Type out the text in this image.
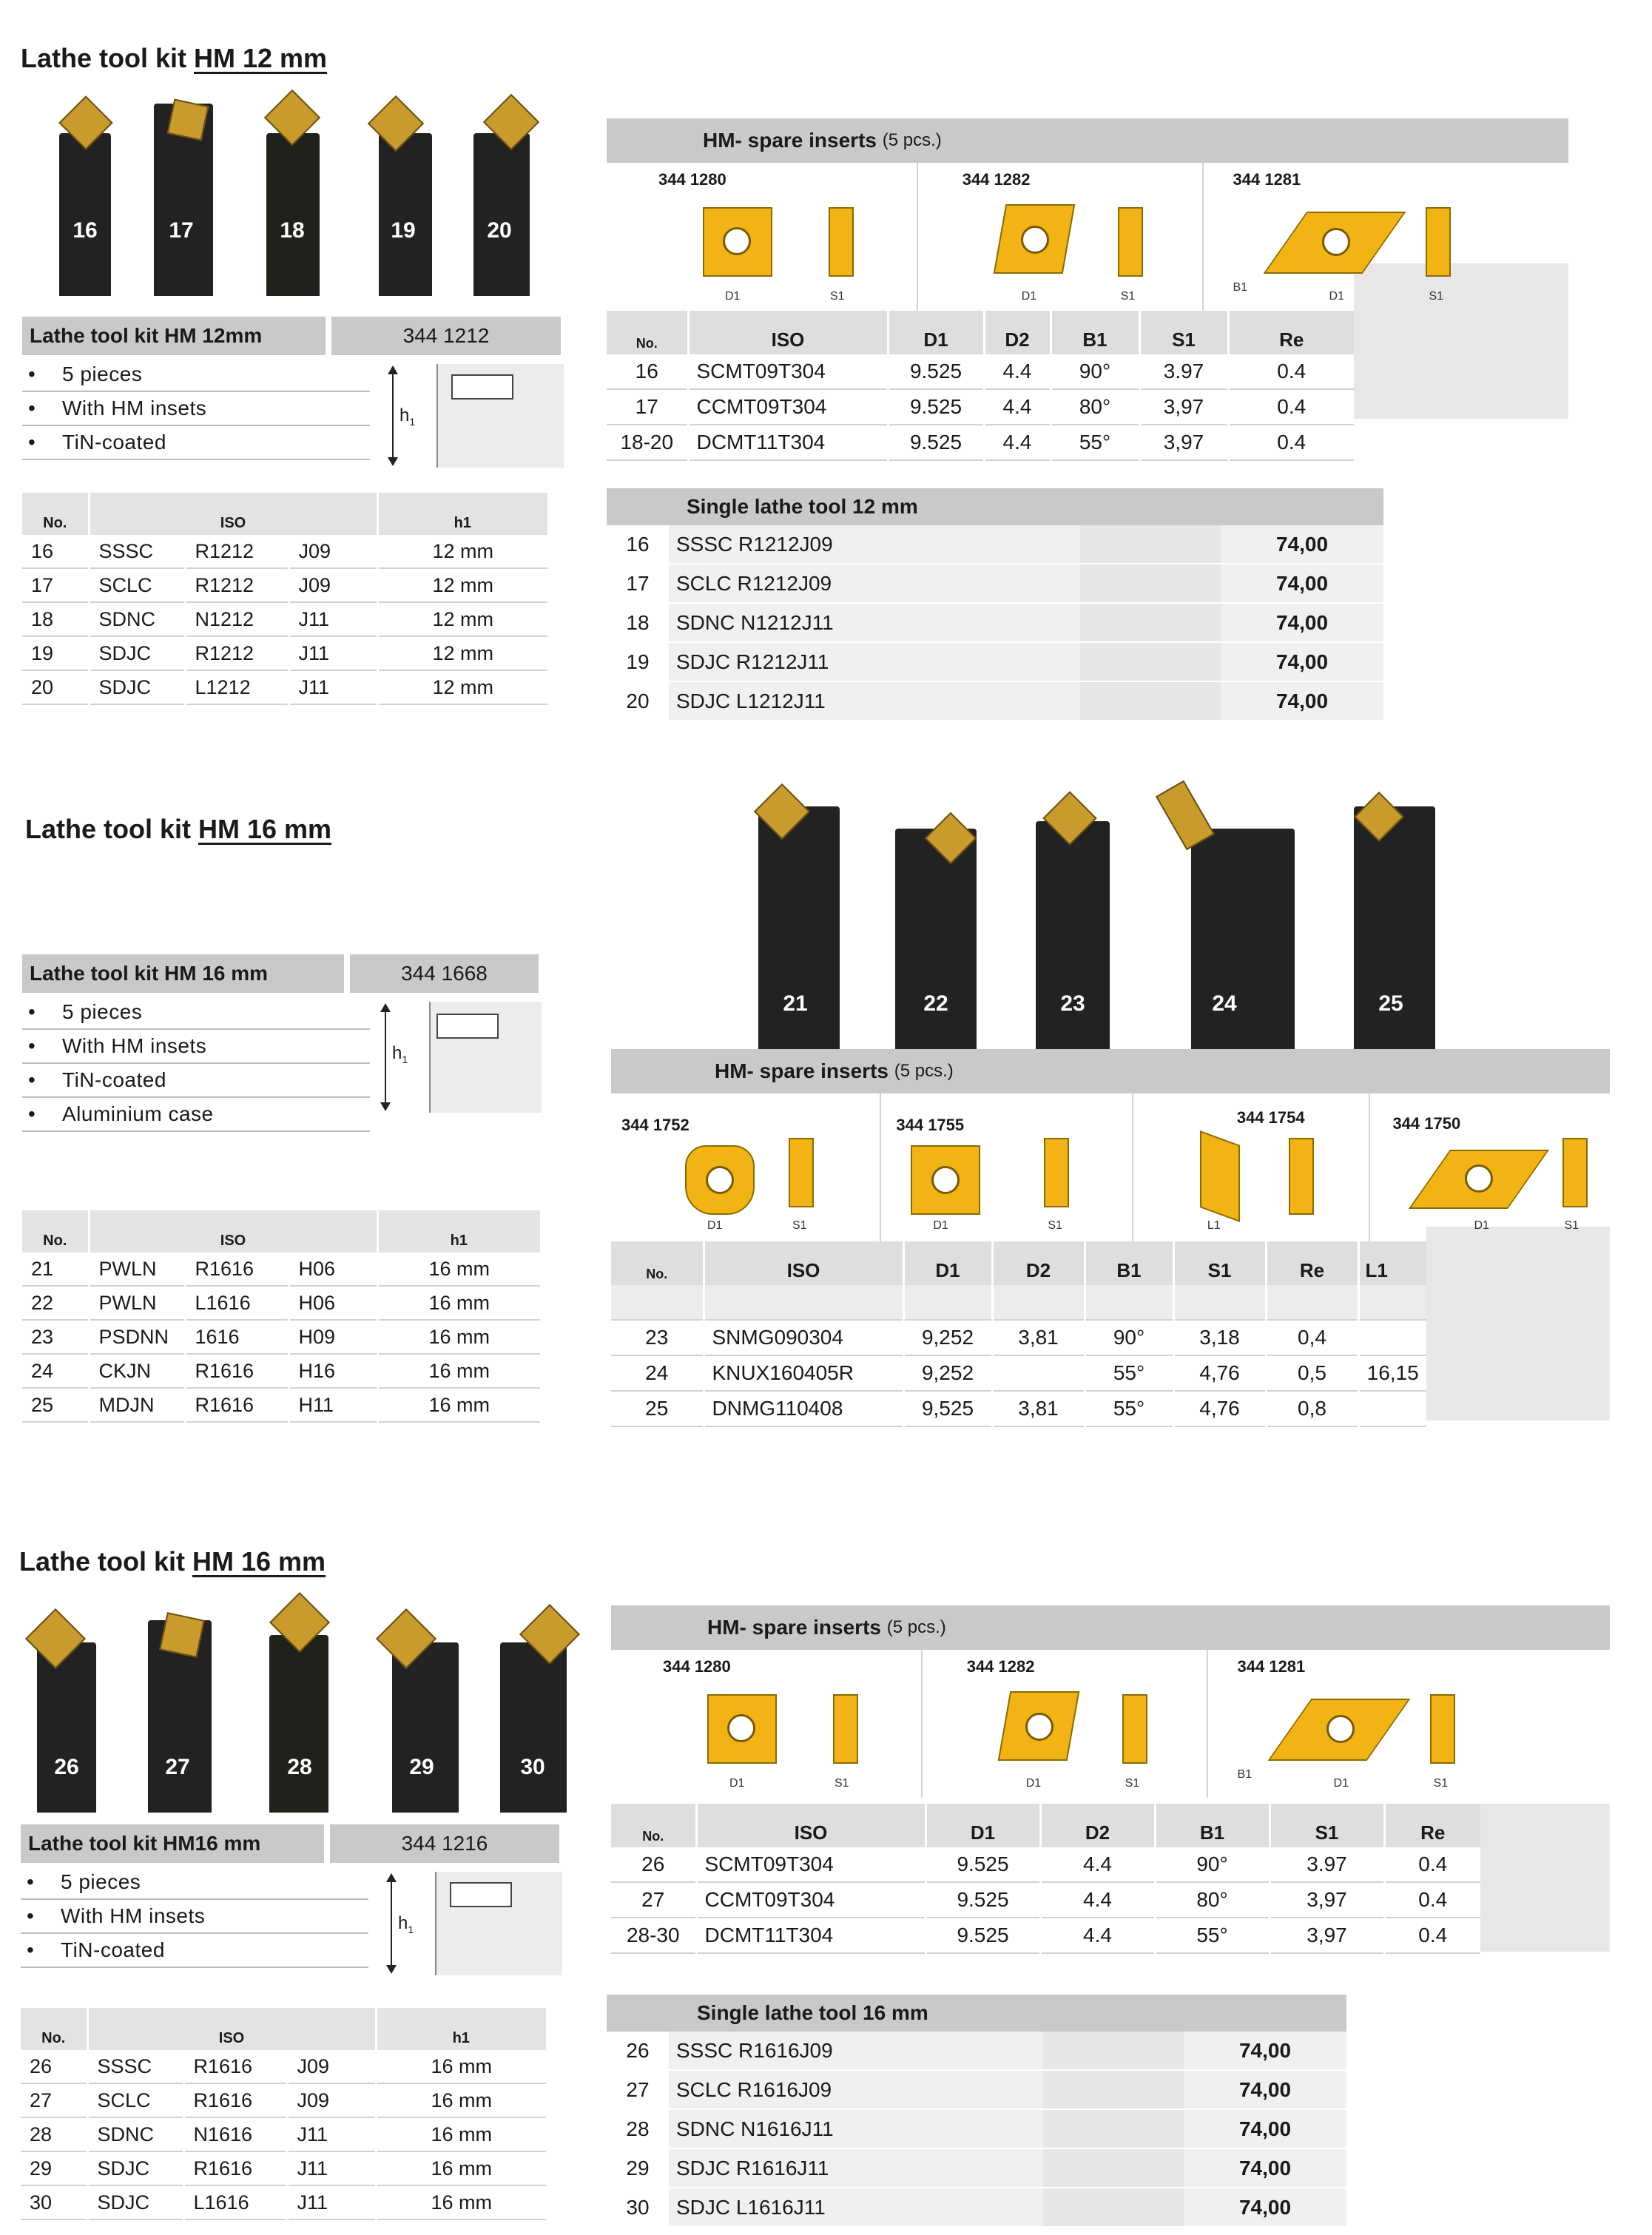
Lathe tool kit HM 12 mm
16	17	18	19	20
Lathe tool kit HM 12mm	344 1212
• 5 pieces
• With HM insets
• TiN-coated
$h_1$
No.	ISO			h1
16	SSSC	R1212	J09	12 mm
17	SCLC	R1212	J09	12 mm
18	SDNC	N1212	J11	12 mm
19	SDJC	R1212	J11	12 mm
20	SDJC	L1212	J11	12 mm
HM- spare inserts
(5 pcs.)
344 1280
D1	S1
344 1282
D1	S1
344 1281
D1	S1
B1
No.	ISO	D1	D2	B1	S1	Re
16	SCMT09T304	9.525	4.4	90°	3.97	0.4
17	CCMT09T304	9.525	4.4	80°	3,97	0.4
18-20	DCMT11T304	9.525	4.4	55°	3,97	0.4
Single lathe tool 12 mm
16	SSSC R1212J09	74,00
17	SCLC R1212J09	74,00
18	SDNC N1212J11	74,00
19	SDJC R1212J11	74,00
20	SDJC L1212J11	74,00
Lathe tool kit HM 16 mm
21	22	23	24	25
Lathe tool kit HM 16 mm	344 1668
• 5 pieces
• With HM insets
• TiN-coated
• Aluminium case
$h_1$
No.	ISO			h1
21	PWLN	R1616	H06	16 mm
22	PWLN	L1616	H06	16 mm
23	PSDNN	1616	H09	16 mm
24	CKJN	R1616	H16	16 mm
25	MDJN	R1616	H11	16 mm
HM- spare inserts
(5 pcs.)
344 1752
D1	S1
344 1755
D1	S1
344 1754
L1
344 1750
D1	S1
No.	ISO	D1	D2	B1	S1	Re	L1

23	SNMG090304	9,252	3,81	90°	3,18	0,4	
24	KNUX160405R	9,252		55°	4,76	0,5	16,15
25	DNMG110408	9,525	3,81	55°	4,76	0,8	
Lathe tool kit HM 16 mm
26	27	28	29	30
Lathe tool kit HM16 mm	344 1216
• 5 pieces
• With HM insets
• TiN-coated
$h_1$
No.	ISO			h1
26	SSSC	R1616	J09	16 mm
27	SCLC	R1616	J09	16 mm
28	SDNC	N1616	J11	16 mm
29	SDJC	R1616	J11	16 mm
30	SDJC	L1616	J11	16 mm
HM- spare inserts
(5 pcs.)
344 1280
D1	S1
344 1282
D1	S1
344 1281
D1	S1
B1
No.	ISO	D1	D2	B1	S1	Re
26	SCMT09T304	9.525	4.4	90°	3.97	0.4
27	CCMT09T304	9.525	4.4	80°	3,97	0.4
28-30	DCMT11T304	9.525	4.4	55°	3,97	0.4
Single lathe tool 16 mm
26	SSSC R1616J09	74,00
27	SCLC R1616J09	74,00
28	SDNC N1616J11	74,00
29	SDJC R1616J11	74,00
30	SDJC L1616J11	74,00
